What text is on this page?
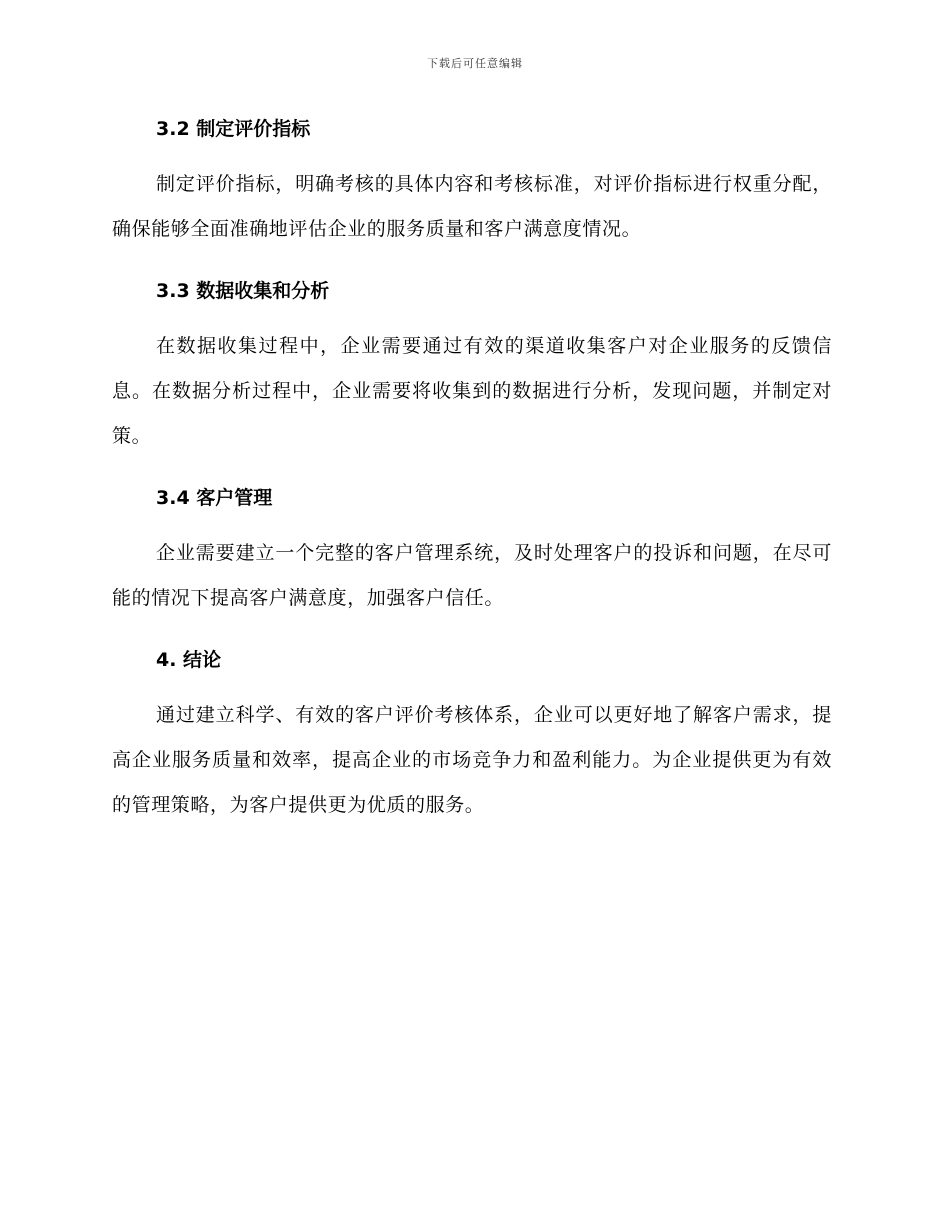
下载后可任意编辑
3.2 制定评价指标

制定评价指标，明确考核的具体内容和考核标准，对评价指标进行权重分配，确保能够全面准确地评估企业的服务质量和客户满意度情况。

3.3 数据收集和分析

在数据收集过程中，企业需要通过有效的渠道收集客户对企业服务的反馈信息。在数据分析过程中，企业需要将收集到的数据进行分析，发现问题，并制定对策。

3.4 客户管理

企业需要建立一个完整的客户管理系统，及时处理客户的投诉和问题，在尽可能的情况下提高客户满意度，加强客户信任。

4. 结论

通过建立科学、有效的客户评价考核体系，企业可以更好地了解客户需求，提高企业服务质量和效率，提高企业的市场竞争力和盈利能力。为企业提供更为有效的管理策略，为客户提供更为优质的服务。
